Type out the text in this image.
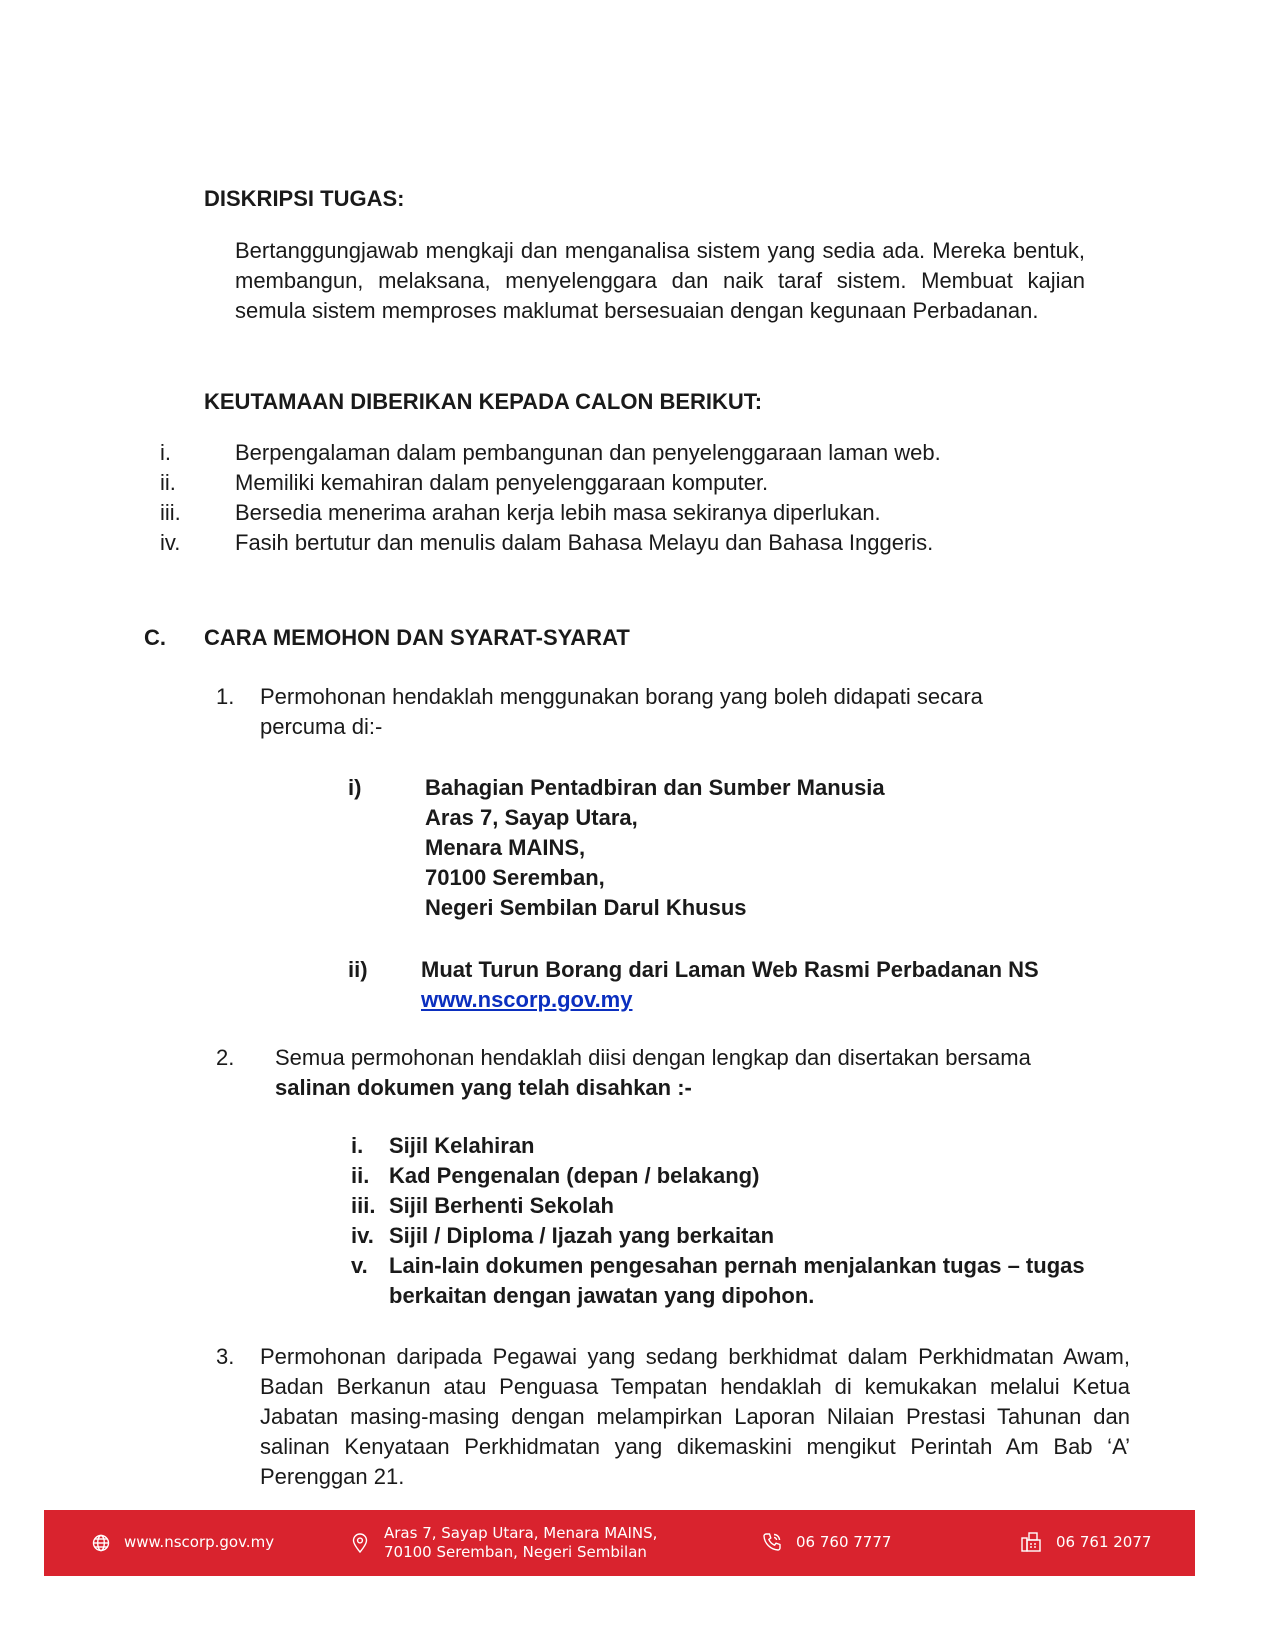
DISKRIPSI TUGAS:
Bertanggungjawab mengkaji dan menganalisa sistem yang sedia ada. Mereka bentuk, membangun, melaksana, menyelenggara dan naik taraf sistem. Membuat kajian semula sistem memproses maklumat bersesuaian dengan kegunaan Perbadanan.
KEUTAMAAN DIBERIKAN KEPADA CALON BERIKUT:
i.	Berpengalaman dalam pembangunan dan penyelenggaraan laman web.
ii.	Memiliki kemahiran dalam penyelenggaraan komputer.
iii.	Bersedia menerima arahan kerja lebih masa sekiranya diperlukan.
iv.	Fasih bertutur dan menulis dalam Bahasa Melayu dan Bahasa Inggeris.
C. CARA MEMOHON DAN SYARAT-SYARAT
1. Permohonan hendaklah menggunakan borang yang boleh didapati secara percuma di:-
i)	Bahagian Pentadbiran dan Sumber Manusia
Aras 7, Sayap Utara,
Menara MAINS,
70100 Seremban,
Negeri Sembilan Darul Khusus
ii) Muat Turun Borang dari Laman Web Rasmi Perbadanan NS
www.nscorp.gov.my
2. Semua permohonan hendaklah diisi dengan lengkap dan disertakan bersama
salinan dokumen yang telah disahkan :-
i.	Sijil Kelahiran
ii. Kad Pengenalan (depan / belakang)
iii. Sijil Berhenti Sekolah
iv. Sijil / Diploma / Ijazah yang berkaitan
v. Lain-lain dokumen pengesahan pernah menjalankan tugas – tugas berkaitan dengan jawatan yang dipohon.
3. Permohonan daripada Pegawai yang sedang berkhidmat dalam Perkhidmatan Awam, Badan Berkanun atau Penguasa Tempatan hendaklah di kemukakan melalui Ketua Jabatan masing-masing dengan melampirkan Laporan Nilaian Prestasi Tahunan dan salinan Kenyataan Perkhidmatan yang dikemaskini mengikut Perintah Am Bab ‘A’ Perenggan 21.
www.nscorp.gov.my	Aras 7, Sayap Utara, Menara MAINS,
70100 Seremban, Negeri Sembilan
06 760 7777	06 761 2077
